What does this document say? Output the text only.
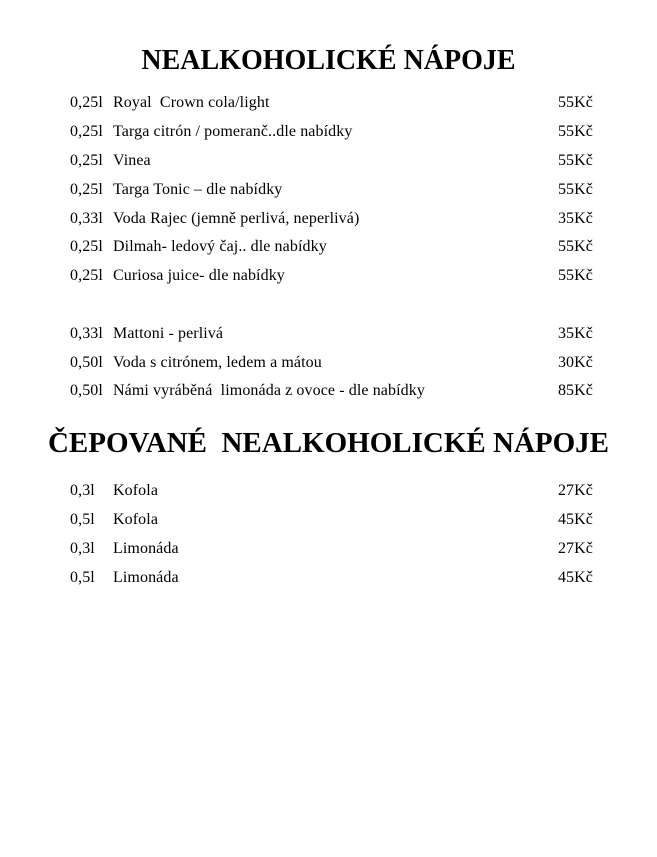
NEALKOHOLICKÉ NÁPOJE
0,25l Royal  Crown cola/light	55Kč
0,25l Targa citrón / pomeranč..dle nabídky	55Kč
0,25l Vinea	55Kč
0,25l Targa Tonic – dle nabídky	55Kč
0,33l Voda Rajec (jemně perlivá, neperlivá)	35Kč
0,25l Dilmah- ledový čaj.. dle nabídky	55Kč
0,25l Curiosa juice- dle nabídky	55Kč
0,33l Mattoni - perlivá	35Kč
0,50l Voda s citrónem, ledem a mátou	30Kč
0,50l Námi vyráběná  limonáda z ovoce - dle nabídky	85Kč
ČEPOVANÉ  NEALKOHOLICKÉ NÁPOJE
0,3l	Kofola	27Kč
0,5l	Kofola	45Kč
0,3l	Limonáda	27Kč
0,5l	Limonáda	45Kč
